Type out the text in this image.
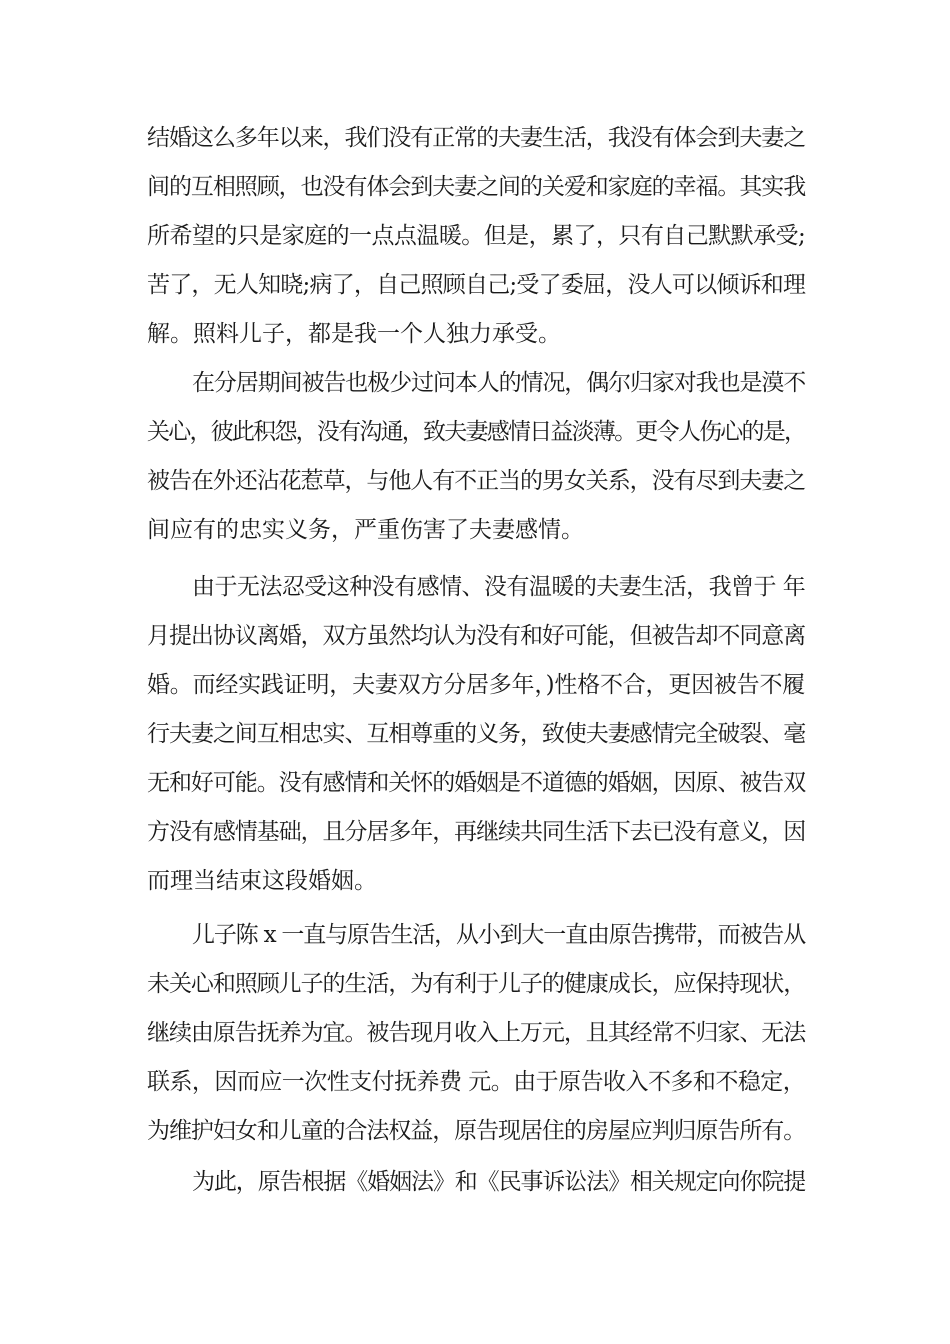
结婚这么多年以来，我们没有正常的夫妻生活，我没有体会到夫妻之
间的互相照顾，也没有体会到夫妻之间的关爱和家庭的幸福。其实我
所希望的只是家庭的一点点温暖。但是，累了，只有自己默默承受;
苦了，无人知晓;病了，自己照顾自己;受了委屈，没人可以倾诉和理
解。照料儿子，都是我一个人独力承受。
在分居期间被告也极少过问本人的情况，偶尔归家对我也是漠不
关心，彼此积怨，没有沟通，致夫妻感情日益淡薄。更令人伤心的是，
被告在外还沾花惹草，与他人有不正当的男女关系，没有尽到夫妻之
间应有的忠实义务，严重伤害了夫妻感情。
由于无法忍受这种没有感情、没有温暖的夫妻生活，我曾于 年
月提出协议离婚，双方虽然均认为没有和好可能，但被告却不同意离
婚。而经实践证明，夫妻双方分居多年，)性格不合，更因被告不履
行夫妻之间互相忠实、互相尊重的义务，致使夫妻感情完全破裂、毫
无和好可能。没有感情和关怀的婚姻是不道德的婚姻，因原、被告双
方没有感情基础，且分居多年，再继续共同生活下去已没有意义，因
而理当结束这段婚姻。
儿子陈 x 一直与原告生活，从小到大一直由原告携带，而被告从
未关心和照顾儿子的生活，为有利于儿子的健康成长，应保持现状，
继续由原告抚养为宜。被告现月收入上万元，且其经常不归家、无法
联系，因而应一次性支付抚养费 元。由于原告收入不多和不稳定，
为维护妇女和儿童的合法权益，原告现居住的房屋应判归原告所有。
为此，原告根据《婚姻法》和《民事诉讼法》相关规定向你院提
